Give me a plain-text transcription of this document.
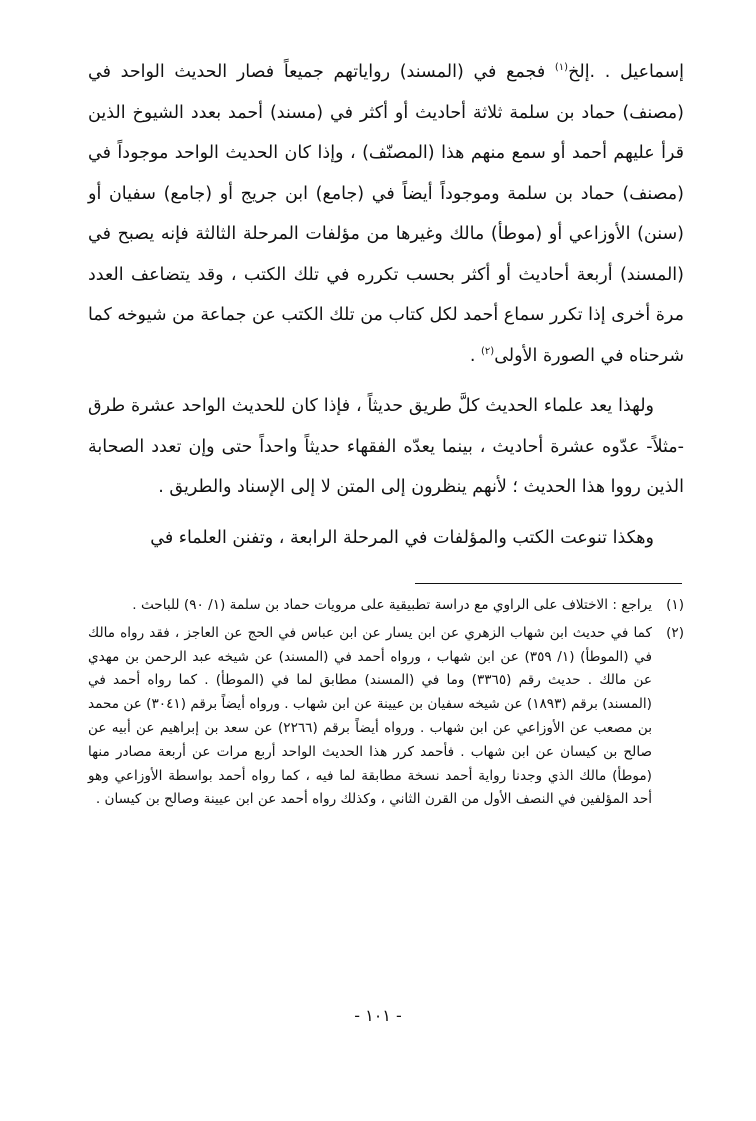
إسماعيل . .إلخ$^{(١)}$ فجمع في (المسند) رواياتهم جميعاً فصار الحديث الواحد في (مصنف) حماد بن سلمة ثلاثة أحاديث أو أكثر في (مسند) أحمد بعدد الشيوخ الذين قرأ عليهم أحمد أو سمع منهم هذا (المصنّف) ، وإذا كان الحديث الواحد موجوداً في (مصنف) حماد بن سلمة وموجوداً أيضاً في (جامع) ابن جريج أو (جامع) سفيان أو (سنن) الأوزاعي أو (موطأ) مالك وغيرها من مؤلفات المرحلة الثالثة فإنه يصبح في (المسند) أربعة أحاديث أو أكثر بحسب تكرره في تلك الكتب ، وقد يتضاعف العدد مرة أخرى إذا تكرر سماع أحمد لكل كتاب من تلك الكتب عن جماعة من شيوخه كما شرحناه في الصورة الأولى$^{(٢)}$ .

ولهذا يعد علماء الحديث كلَّ طريق حديثاً ، فإذا كان للحديث الواحد عشرة طرق -مثلاً- عدّوه عشرة أحاديث ، بينما يعدّه الفقهاء حديثاً واحداً حتى وإن تعدد الصحابة الذين رووا هذا الحديث ؛ لأنهم ينظرون إلى المتن لا إلى الإسناد والطريق .

وهكذا تنوعت الكتب والمؤلفات في المرحلة الرابعة ، وتفنن العلماء في

(١)يراجع : الاختلاف على الراوي مع دراسة تطبيقية على مرويات حماد بن سلمة (١/ ٩٠) للباحث .

(٢)كما في حديث ابن شهاب الزهري عن ابن يسار عن ابن عباس في الحج عن العاجز ، فقد رواه مالك في (الموطأ) (١/ ٣٥٩) عن ابن شهاب ، ورواه أحمد في (المسند) عن شيخه عبد الرحمن بن مهدي عن مالك . حديث رقم (٣٣٦٥) وما في (المسند) مطابق لما في (الموطأ) . كما رواه أحمد في (المسند) برقم (١٨٩٣) عن شيخه سفيان بن عيينة عن ابن شهاب . ورواه أيضاً برقم (٣٠٤١) عن محمد بن مصعب عن الأوزاعي عن ابن شهاب . ورواه أيضاً برقم (٢٢٦٦) عن سعد بن إبراهيم عن أبيه عن صالح بن كيسان عن ابن شهاب . فأحمد كرر هذا الحديث الواحد أربع مرات عن أربعة مصادر منها (موطأ) مالك الذي وجدنا رواية أحمد نسخة مطابقة لما فيه ، كما رواه أحمد بواسطة الأوزاعي وهو أحد المؤلفين في النصف الأول من القرن الثاني ، وكذلك رواه أحمد عن ابن عيينة وصالح بن كيسان .

- ١٠١ -
